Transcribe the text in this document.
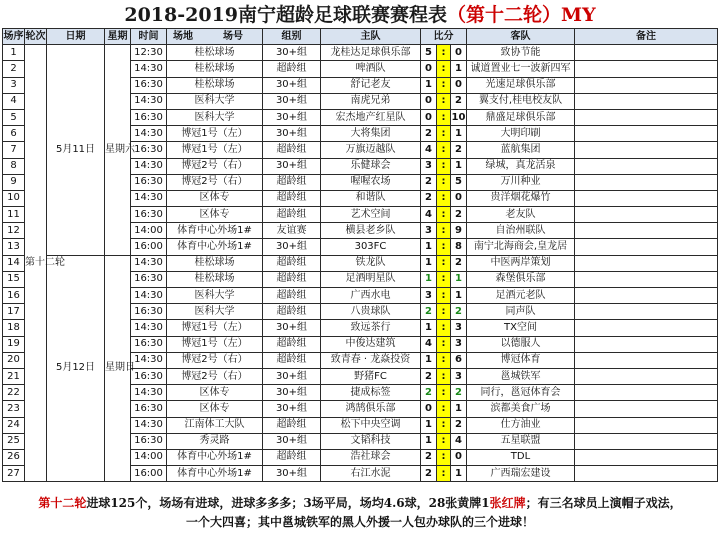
2018-2019南宁超龄足球联赛赛程表（第十二轮）MY
场序	轮次	日期	星期	时间	场地 场号	组别	主队	比分			客队	备注
1	第十二轮	5月11日	星期六	12:30	桂松球场	30+组	龙桂达足球俱乐部	5	:	0	致协节能	
2				14:30	桂松球场	超龄组	啤酒队	0	:	1	诚道置业七一波新四军	
3				16:30	桂松球场	30+组	舒记老友	1	:	0	光速足球俱乐部	
4				14:30	医科大学	30+组	南虎兄弟	0	:	2	翼支付,桂电校友队	
5				16:30	医科大学	30+组	宏杰地产红星队	0	:	10	鼎盛足球俱乐部	
6				14:30	博冠1号（左）	30+组	大将集团	2	:	1	大明印刷	
7				16:30	博冠1号（左）	超龄组	万旗迈越队	4	:	2	蓝航集团	
8				14:30	博冠2号（右）	30+组	乐健球会	3	:	1	绿城，真龙活泉	
9				16:30	博冠2号（右）	超龄组	喔喔农场	2	:	5	万川种业	
10				14:30	区体专	超龄组	和谐队	2	:	0	贵洋烟花爆竹	
11				16:30	区体专	超龄组	艺术空间	4	:	2	老友队	
12				14:00	体育中心外场1#	友谊赛	横县老乡队	3	:	9	自治州联队	
13				16:00	体育中心外场1#	30+组	303FC	1	:	8	南宁北海商会,皇龙居	
14		5月12日	星期日	14:30	桂松球场	超龄组	铁龙队	1	:	2	中医两岸策划	
15				16:30	桂松球场	超龄组	足酒明星队	1	:	1	森堡俱乐部	
16				14:30	医科大学	超龄组	广西水电	3	:	1	足酒元老队	
17				16:30	医科大学	超龄组	八贵球队	2	:	2	同声队	
18				14:30	博冠1号（左）	30+组	致远茶行	1	:	3	TX空间	
19				16:30	博冠1号（左）	超龄组	中俊达建筑	4	:	3	以德服人	
20				14:30	博冠2号（右）	超龄组	致青春 · 龙焱投资	1	:	6	博冠体育	
21				16:30	博冠2号（右）	30+组	野猪FC	2	:	3	邕城铁军	
22				14:30	区体专	30+组	捷成标签	2	:	2	同行，邕冠体育会	
23				16:30	区体专	30+组	鸿鹄俱乐部	0	:	1	滨都美食广场	
24				14:30	江南体工大队	超龄组	松下中央空调	1	:	2	仕方油业	
25				16:30	秀灵路	30+组	文韬科技	1	:	4	五星联盟	
26				14:00	体育中心外场1#	超龄组	浩社球会	2	:	0	TDL	
27				16:00	体育中心外场1#	30+组	右江水泥	2	:	1	广西瑞宏建设	
第十二轮进球125个，场场有进球，进球多多多；3场平局，场均4.6球，28张黄牌1张红牌；有三名球员上演帽子戏法，
一个大四喜；其中邕城铁军的黑人外援一人包办球队的三个进球！
